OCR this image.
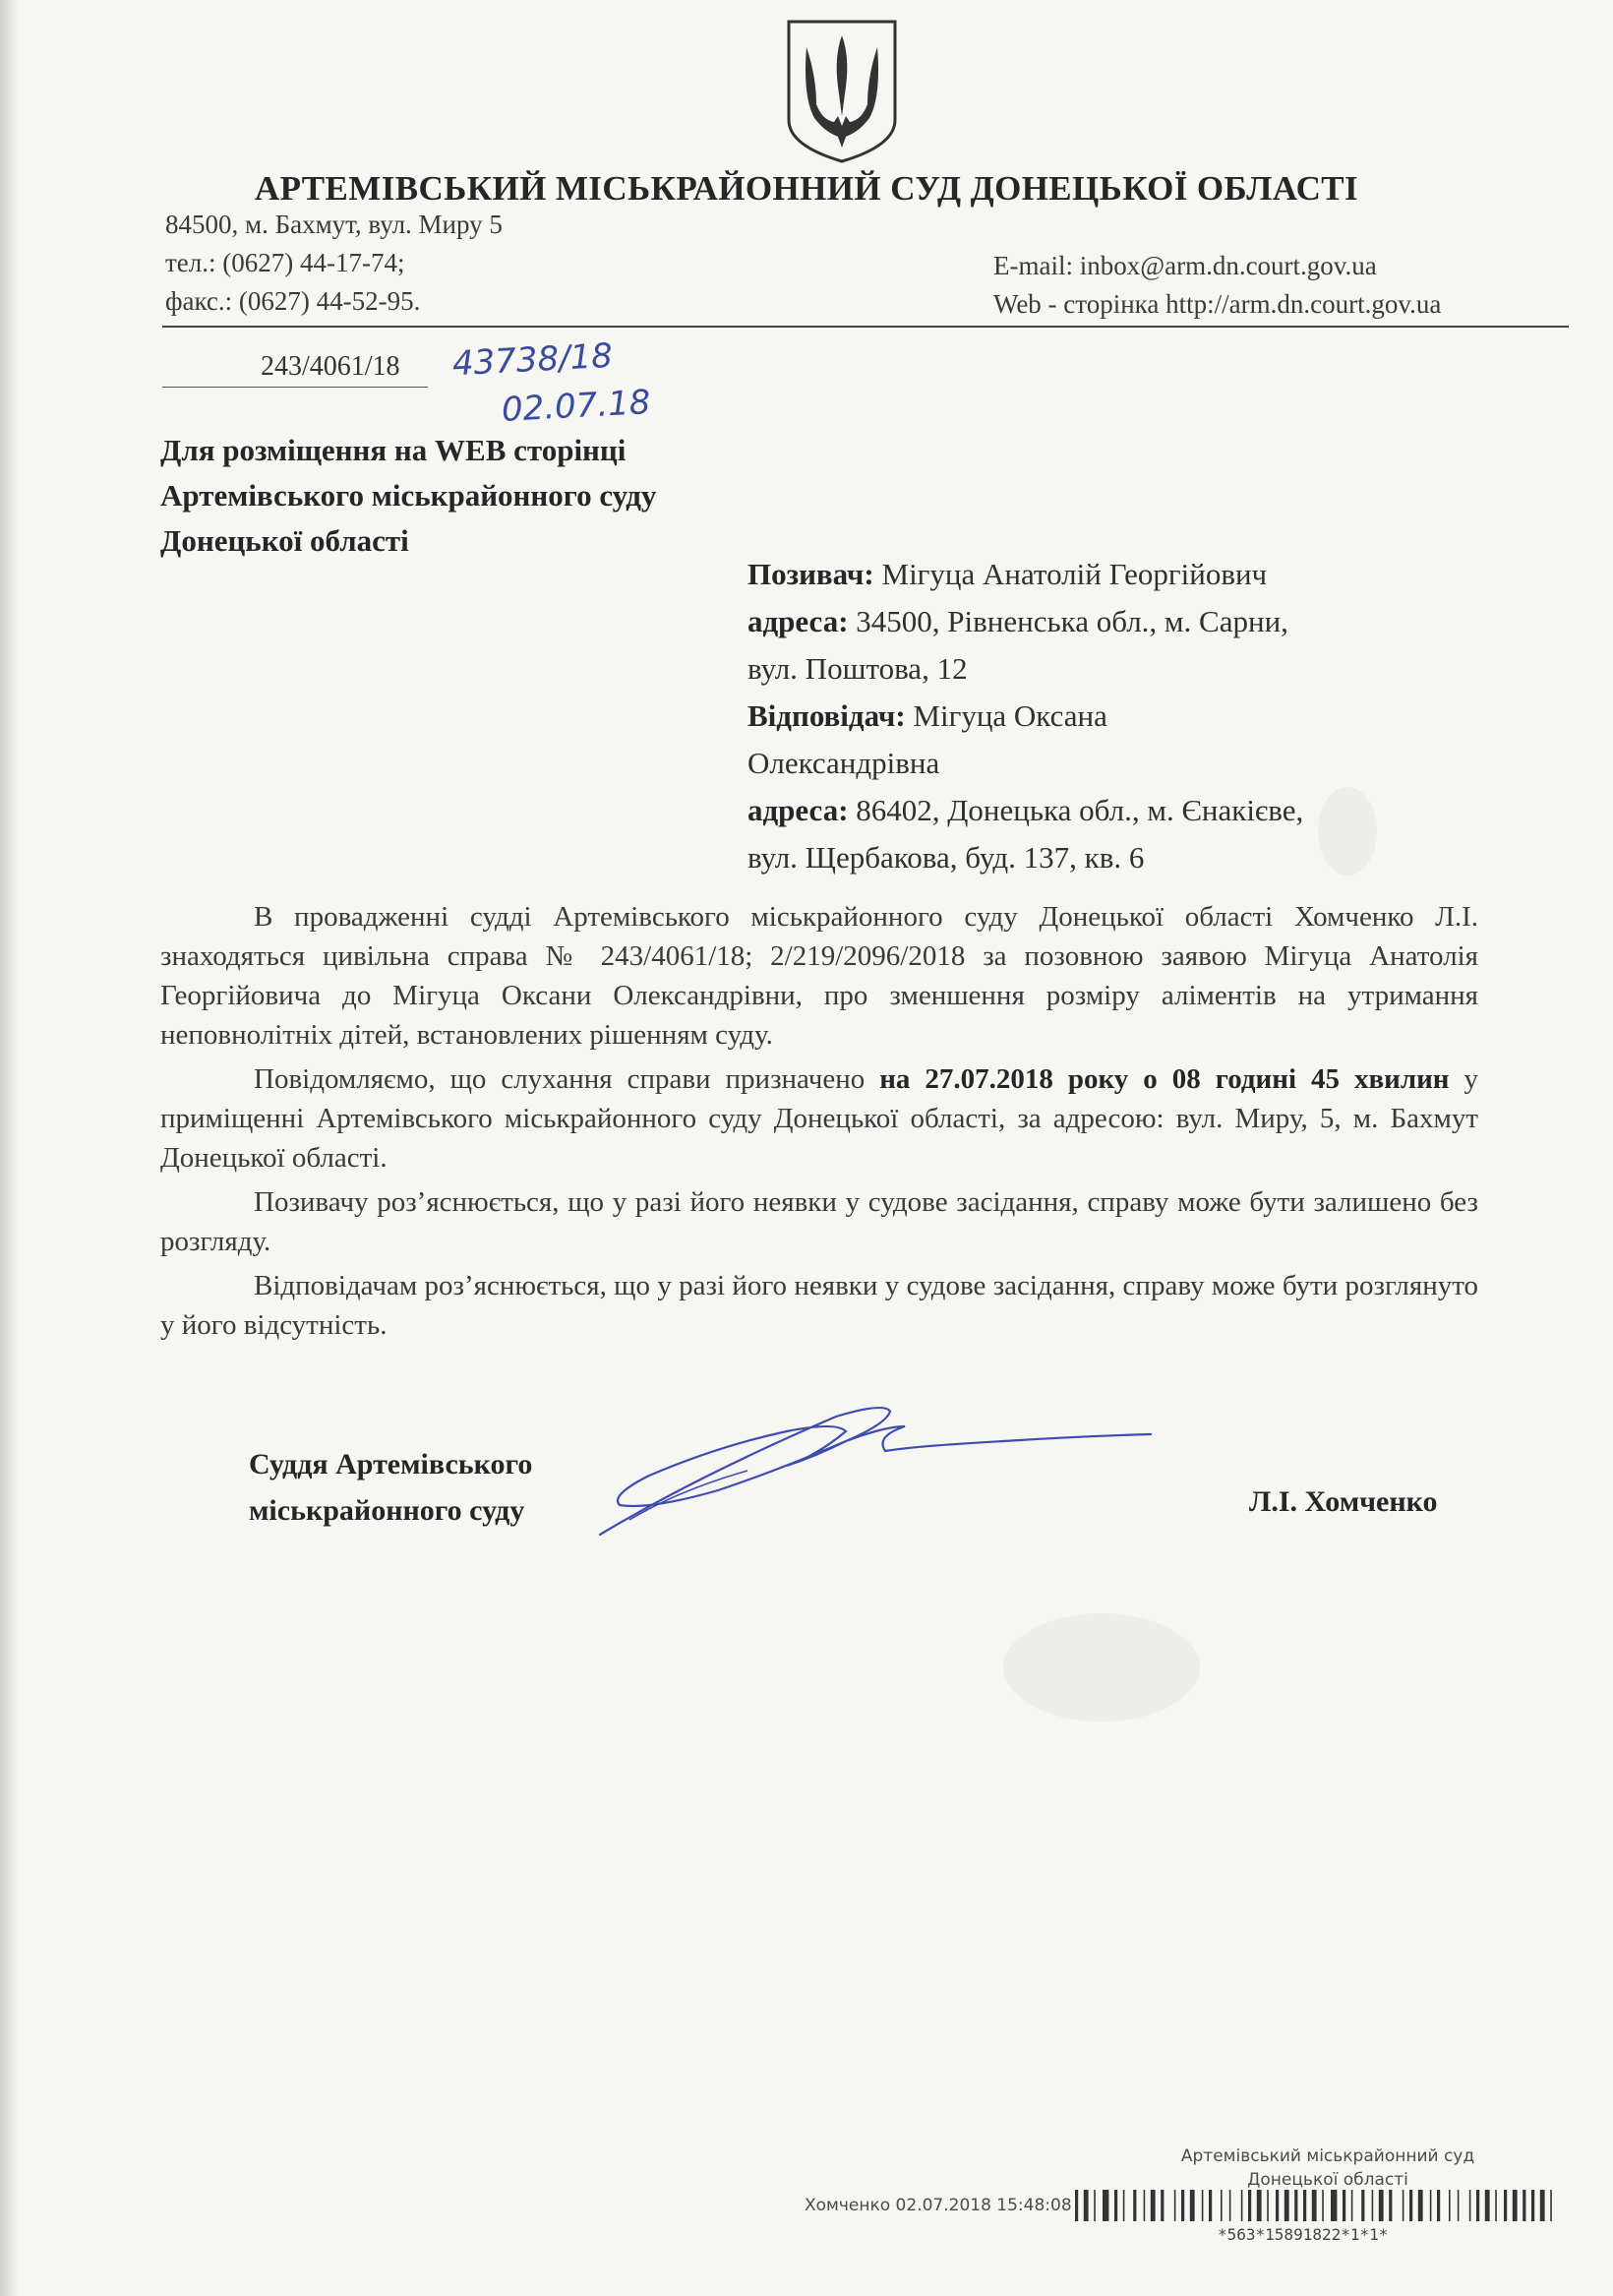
АРТЕМІВСЬКИЙ МІСЬКРАЙОННИЙ СУД ДОНЕЦЬКОЇ ОБЛАСТІ
84500, м. Бахмут, вул. Миру 5
тел.: (0627) 44-17-74;
факс.: (0627) 44-52-95.
E-mail: inbox@arm.dn.court.gov.ua
Web - сторінка http://arm.dn.court.gov.ua
243/4061/18 43738/18
02.07.18
Для розміщення на WEB сторінці
Артемівського міськрайонного суду
Донецької області
Позивач: Мігуца Анатолій Георгійович
адреса: 34500, Рівненська обл., м. Сарни,
вул. Поштова, 12
Відповідач: Мігуца Оксана
Олександрівна
адреса: 86402, Донецька обл., м. Єнакієве,
вул. Щербакова, буд. 137, кв. 6

В провадженні судді Артемівського міськрайонного суду Донецької області Хомченко Л.І. знаходяться цивільна справа № 243/4061/18; 2/219/2096/2018 за позовною заявою Мігуца Анатолія Георгійовича до Мігуца Оксани Олександрівни, про зменшення розміру аліментів на утримання неповнолітніх дітей, встановлених рішенням суду.

Повідомляємо, що слухання справи призначено на 27.07.2018 року о 08 годині 45 хвилин у приміщенні Артемівського міськрайонного суду Донецької області, за адресою: вул. Миру, 5, м. Бахмут Донецької області.

Позивачу роз’яснюється, що у разі його неявки у судове засідання, справу може бути залишено без розгляду.

Відповідачам роз’яснюється, що у разі його неявки у судове засідання, справу може бути розглянуто у його відсутність.

Суддя Артемівського
міськрайонного суду	Л.І. Хомченко
Артемівський міськрайонний суд
Донецької області
Хомченко 02.07.2018 15:48:08
*563*15891822*1*1*
